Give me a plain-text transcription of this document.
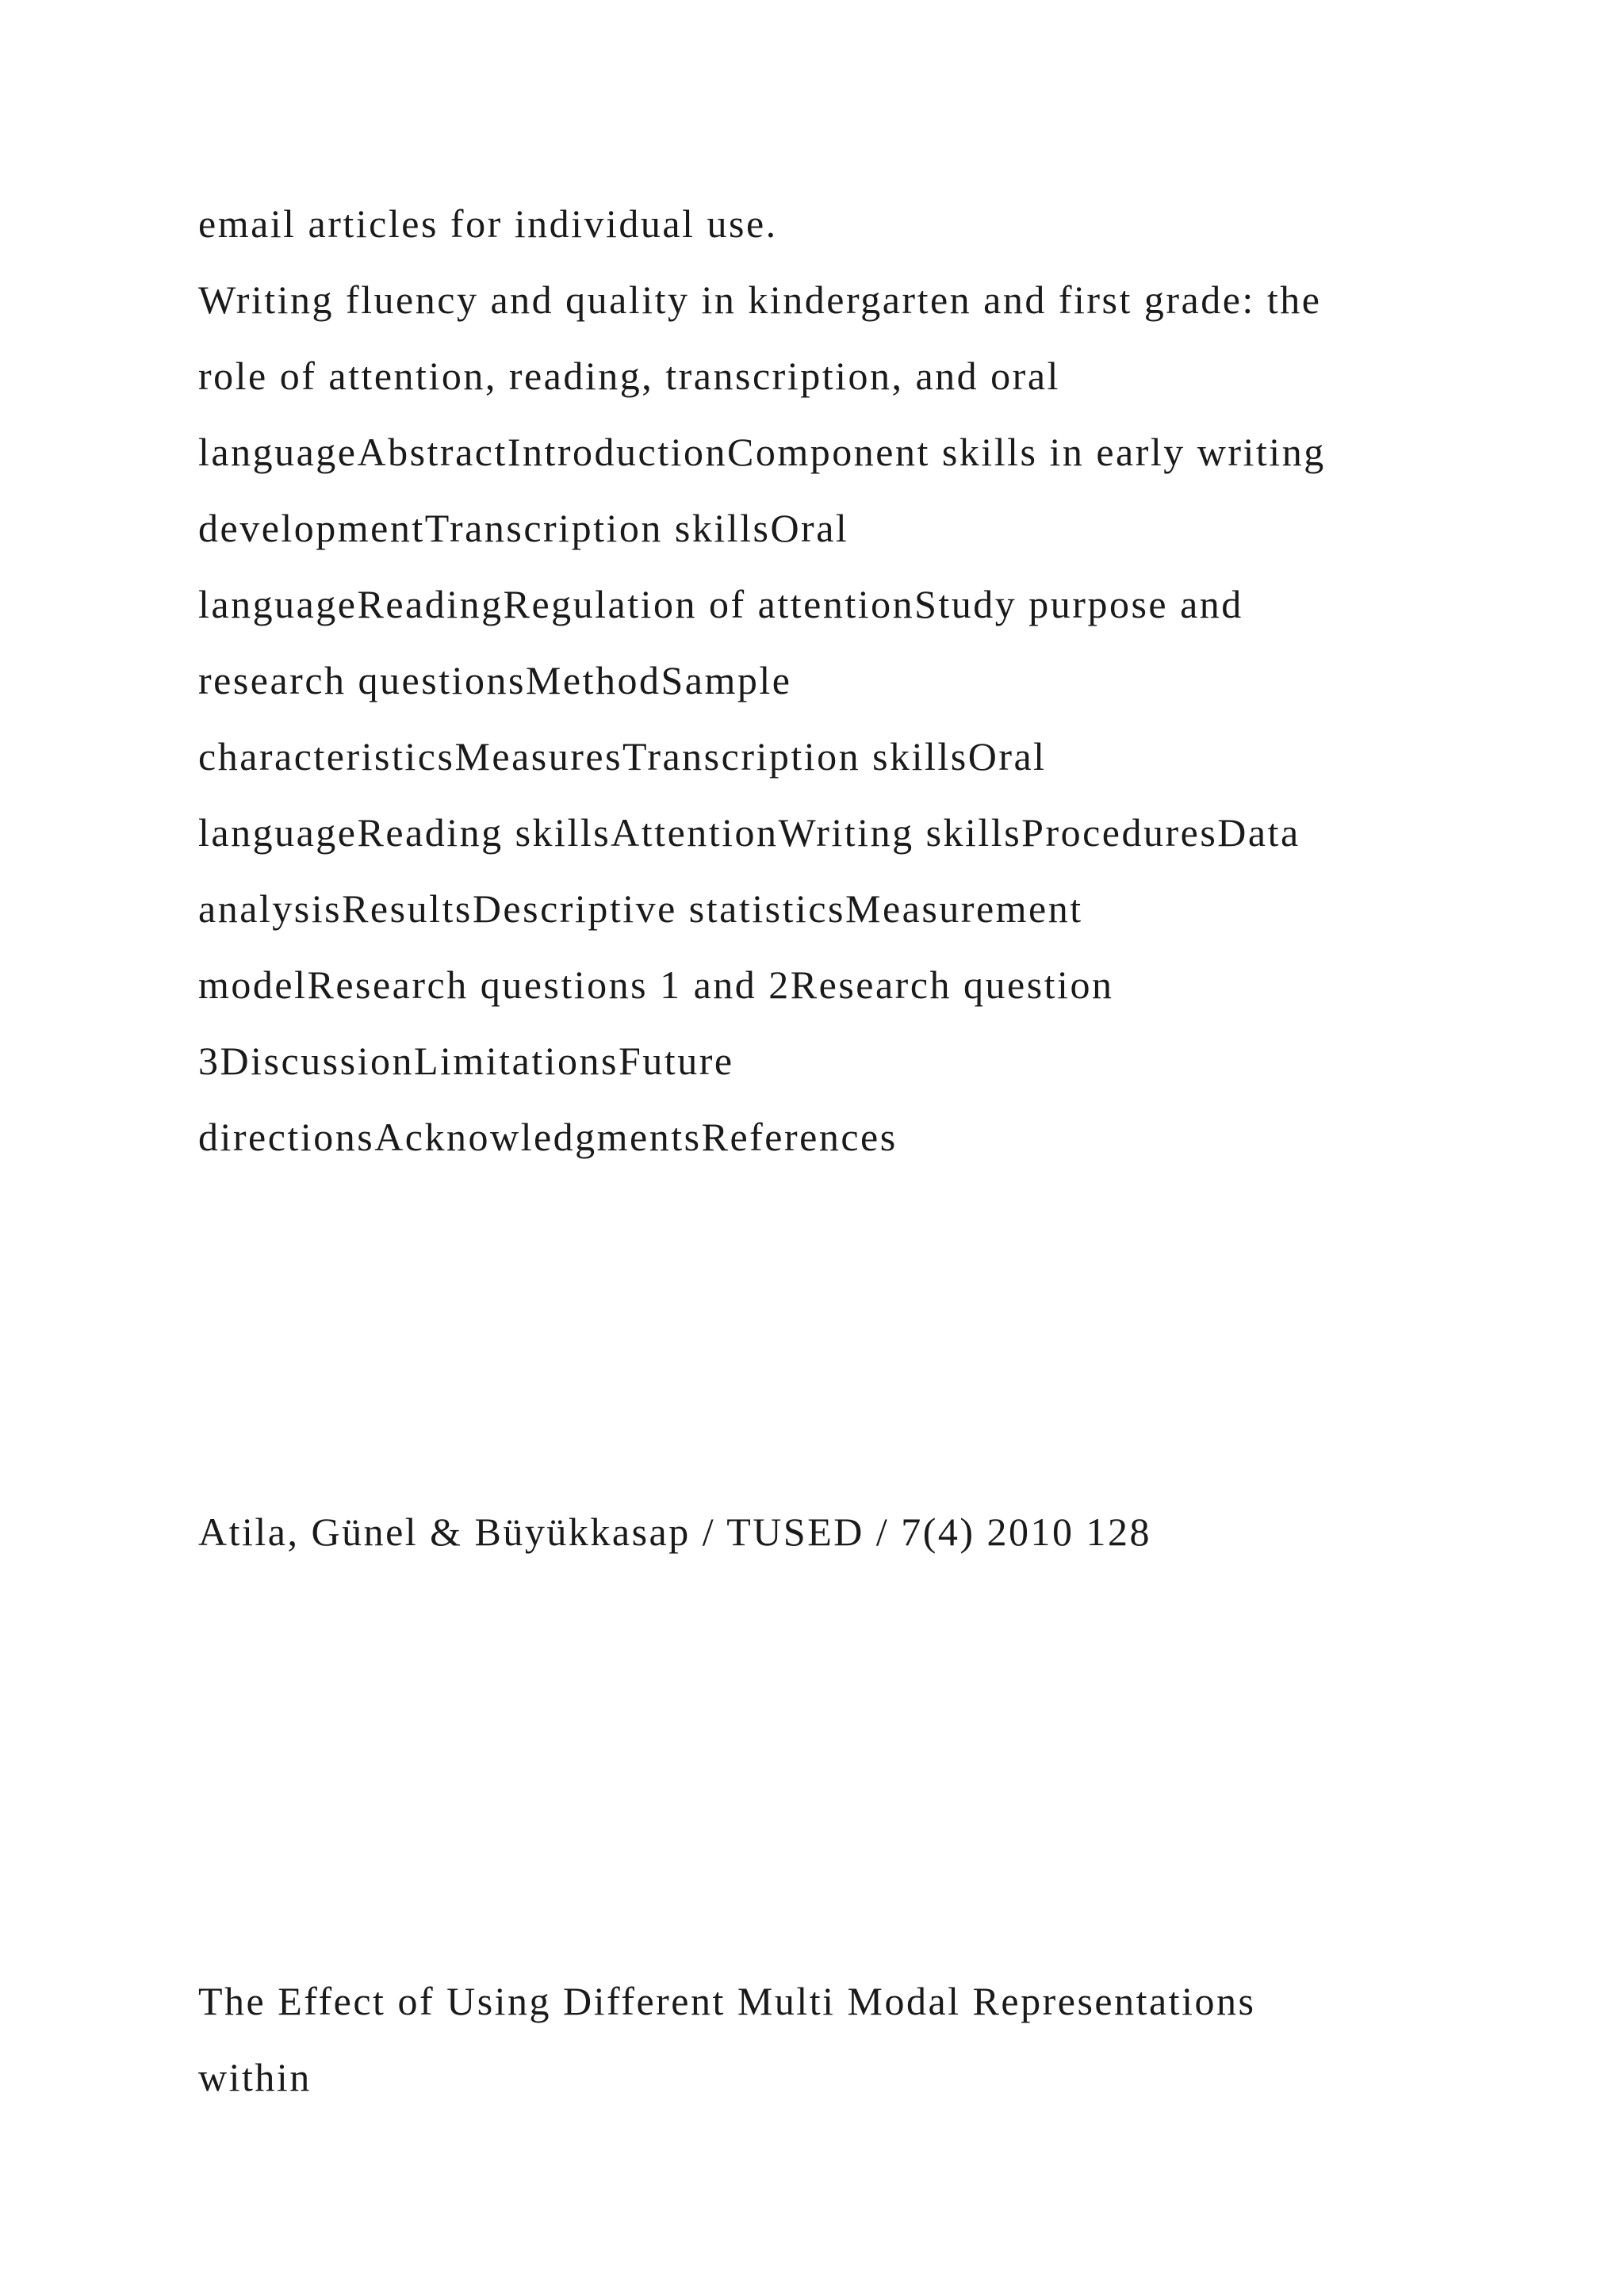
email articles for individual use.

Writing fluency and quality in kindergarten and first grade: the

role of attention, reading, transcription, and oral

languageAbstractIntroductionComponent skills in early writing

developmentTranscription skillsOral

languageReadingRegulation of attentionStudy purpose and

research questionsMethodSample

characteristicsMeasuresTranscription skillsOral

languageReading skillsAttentionWriting skillsProceduresData

analysisResultsDescriptive statisticsMeasurement

modelResearch questions 1 and 2Research question

3DiscussionLimitationsFuture

directionsAcknowledgmentsReferences

Atila, Günel & Büyükkasap / TUSED / 7(4) 2010 128

The Effect of Using Different Multi Modal Representations

within
